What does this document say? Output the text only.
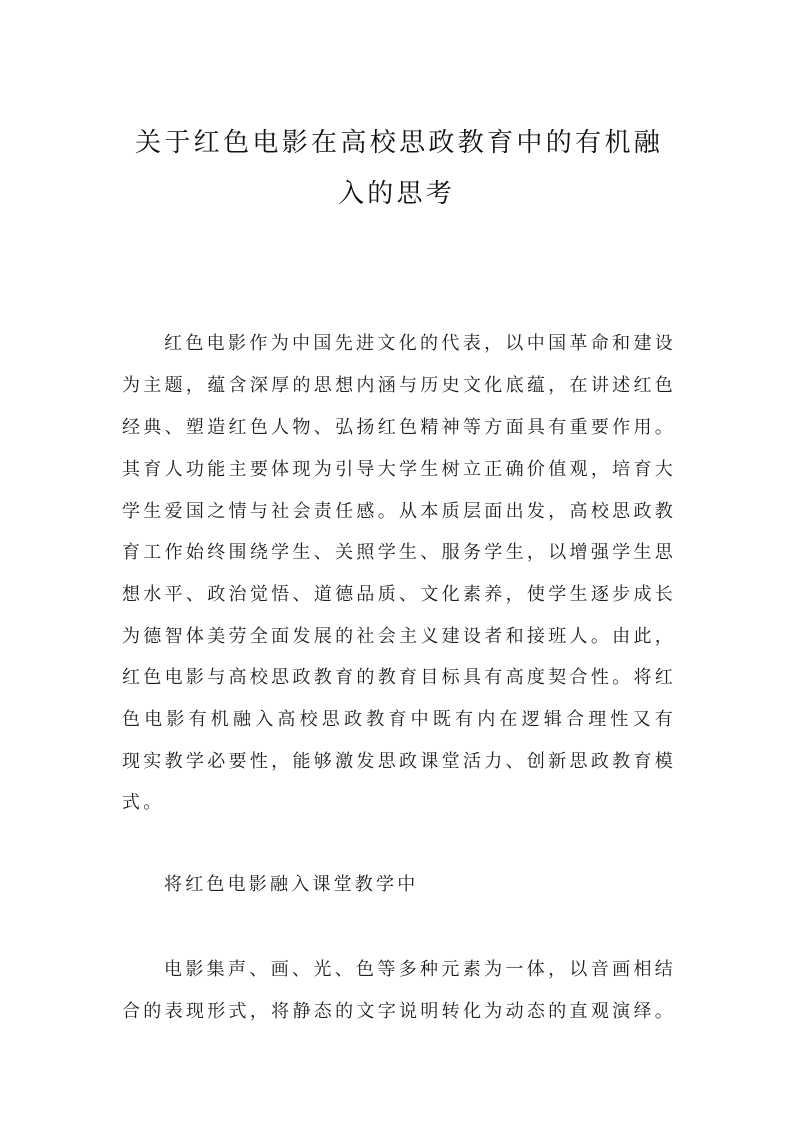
关于红色电影在高校思政教育中的有机融
入的思考
红色电影作为中国先进文化的代表，以中国革命和建设
为主题，蕴含深厚的思想内涵与历史文化底蕴，在讲述红色
经典、塑造红色人物、弘扬红色精神等方面具有重要作用。
其育人功能主要体现为引导大学生树立正确价值观，培育大
学生爱国之情与社会责任感。从本质层面出发，高校思政教
育工作始终围绕学生、关照学生、服务学生，以增强学生思
想水平、政治觉悟、道德品质、文化素养，使学生逐步成长
为德智体美劳全面发展的社会主义建设者和接班人。由此，
红色电影与高校思政教育的教育目标具有高度契合性。将红
色电影有机融入高校思政教育中既有内在逻辑合理性又有
现实教学必要性，能够激发思政课堂活力、创新思政教育模
式。
将红色电影融入课堂教学中
电影集声、画、光、色等多种元素为一体，以音画相结
合的表现形式，将静态的文字说明转化为动态的直观演绎。
